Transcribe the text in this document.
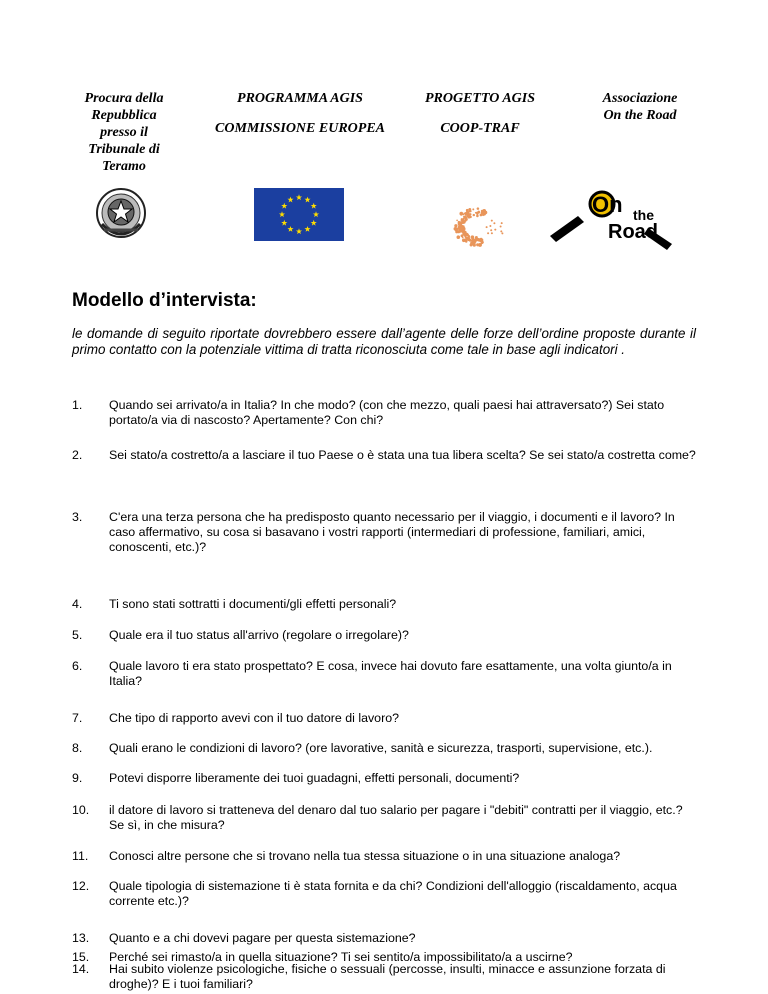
Procura della
Repubblica
presso il
Tribunale di
Teramo
PROGRAMMA AGIS
COMMISSIONE EUROPEA
PROGETTO AGIS
COOP-TRAF
Associazione
On the Road
On the
Road
Modello d’intervista:

le domande di seguito riportate dovrebbero essere dall’agente delle forze dell’ordine proposte durante il primo contatto con la potenziale vittima di tratta riconosciuta come tale in base agli indicatori .

1. Quando sei arrivato/a in Italia? In che modo? (con che mezzo, quali paesi hai attraversato?) Sei stato portato/a via di nascosto? Apertamente? Con chi?
2. Sei stato/a costretto/a a lasciare il tuo Paese o è stata una tua libera scelta? Se sei stato/a costretta come?
3. C'era una terza persona che ha predisposto quanto necessario per il viaggio, i documenti e il lavoro? In caso affermativo, su cosa si basavano i vostri rapporti (intermediari di professione, familiari, amici, conoscenti, etc.)?
4. Ti sono stati sottratti i documenti/gli effetti personali?
5. Quale era il tuo status all'arrivo (regolare o irregolare)?
6. Quale lavoro ti era stato prospettato? E cosa, invece hai dovuto fare esattamente, una volta giunto/a in Italia?
7. Che tipo di rapporto avevi con il tuo datore di lavoro?
8. Quali erano le condizioni di lavoro? (ore lavorative, sanità e sicurezza, trasporti, supervisione, etc.).
9. Potevi disporre liberamente dei tuoi guadagni, effetti personali, documenti?
10. il datore di lavoro si tratteneva del denaro dal tuo salario per pagare i "debiti" contratti per il viaggio, etc.? Se sì, in che misura?
11. Conosci altre persone che si trovano nella tua stessa situazione o in una situazione analoga?
12. Quale tipologia di sistemazione ti è stata fornita e da chi? Condizioni dell'alloggio (riscaldamento, acqua corrente etc.)?
13. Quanto e a chi dovevi pagare per questa sistemazione?
14. Hai subito violenze psicologiche, fisiche o sessuali (percosse, insulti, minacce e assunzione forzata di droghe)? E i tuoi familiari?
15. Perché sei rimasto/a in quella situazione? Ti sei sentito/a impossibilitato/a a uscirne?
